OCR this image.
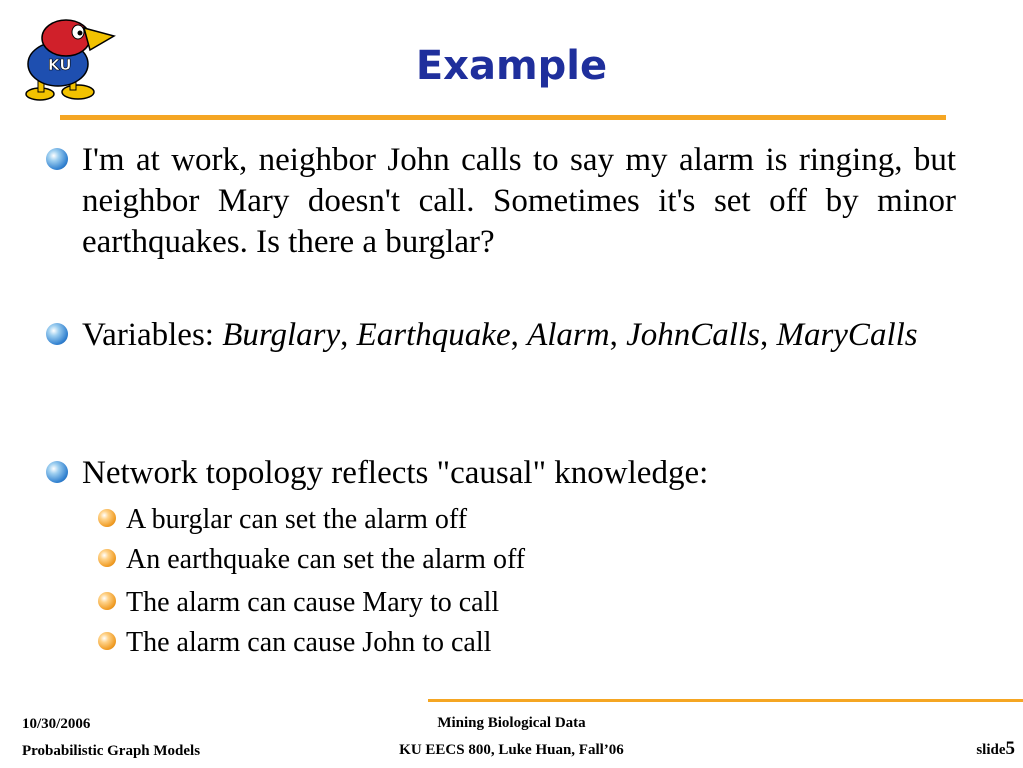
KU	Example
I'm at work, neighbor John calls to say my alarm is ringing, but neighbor Mary doesn't call. Sometimes it's set off by minor earthquakes. Is there a burglar?
Variables: Burglary, Earthquake, Alarm, JohnCalls, MaryCalls
Network topology reflects "causal" knowledge:
A burglar can set the alarm off
An earthquake can set the alarm off
The alarm can cause Mary to call
The alarm can cause John to call
10/30/2006
Probabilistic Graph Models
Mining Biological Data
KU EECS 800, Luke Huan, Fall’06	slide5
